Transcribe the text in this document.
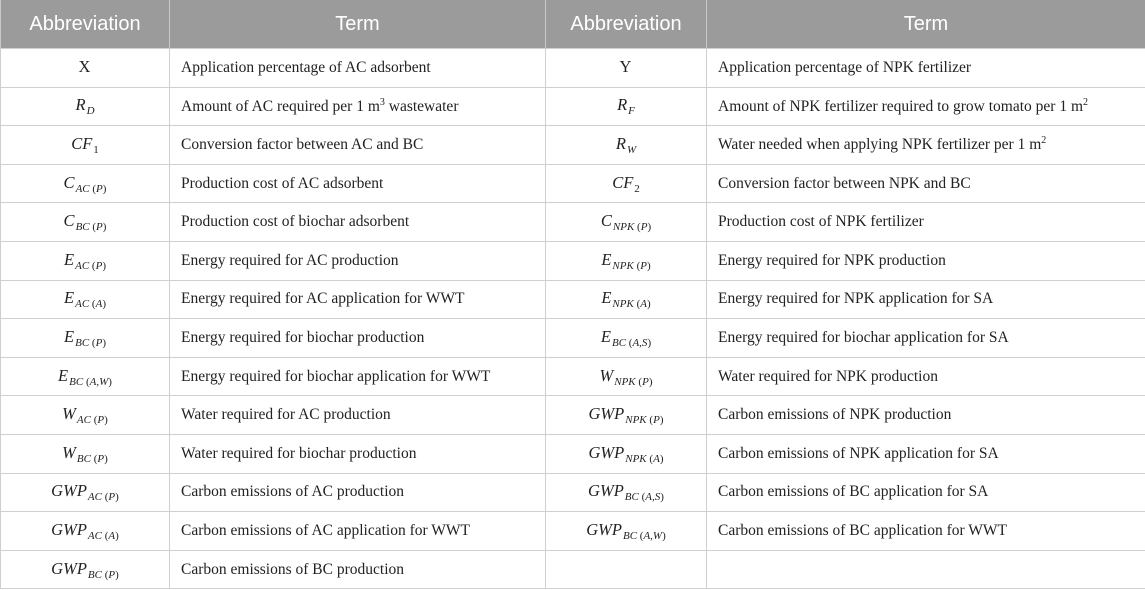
Abbreviation	Term	Abbreviation	Term
X	Application percentage of AC adsorbent	Y	Application percentage of NPK fertilizer
$R_D$	Amount of AC required per 1 $m^3$ wastewater	$R_F$	Amount of NPK fertilizer required to grow tomato per 1 $m^2$
$CF_1$	Conversion factor between AC and BC	$R_W$	Water needed when applying NPK fertilizer per 1 $m^2$
$C_{AC (P)}$	Production cost of AC adsorbent	$CF_2$	Conversion factor between NPK and BC
$C_{BC (P)}$	Production cost of biochar adsorbent	$C_{NPK (P)}$	Production cost of NPK fertilizer
$E_{AC (P)}$	Energy required for AC production	$E_{NPK (P)}$	Energy required for NPK production
$E_{AC (A)}$	Energy required for AC application for WWT	$E_{NPK (A)}$	Energy required for NPK application for SA
$E_{BC (P)}$	Energy required for biochar production	$E_{BC (A,S)}$	Energy required for biochar application for SA
$E_{BC (A,W)}$	Energy required for biochar application for WWT	$W_{NPK (P)}$	Water required for NPK production
$W_{AC (P)}$	Water required for AC production	$GWP_{NPK (P)}$	Carbon emissions of NPK production
$W_{BC (P)}$	Water required for biochar production	$GWP_{NPK (A)}$	Carbon emissions of NPK application for SA
$GWP_{AC (P)}$	Carbon emissions of AC production	$GWP_{BC (A,S)}$	Carbon emissions of BC application for SA
$GWP_{AC (A)}$	Carbon emissions of AC application for WWT	$GWP_{BC (A,W)}$	Carbon emissions of BC application for WWT
$GWP_{BC (P)}$	Carbon emissions of BC production		
